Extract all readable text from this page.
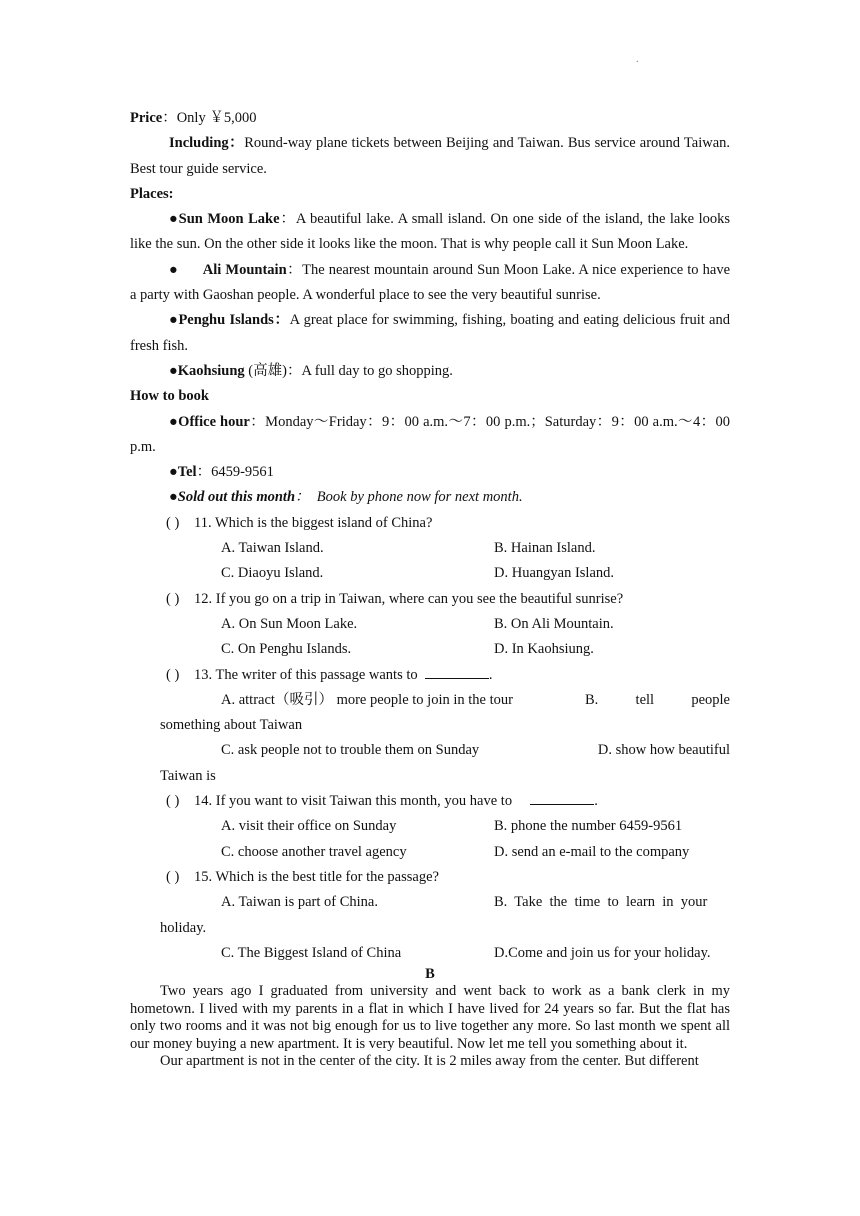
.

Price：Only ￥5,000

Including：Round-way plane tickets between Beijing and Taiwan. Bus service around Taiwan. Best tour guide service.

Places:

●Sun Moon Lake：A beautiful lake. A small island. On one side of the island, the lake looks like the sun. On the other side it looks like the moon. That is why people call it Sun Moon Lake.

● Ali Mountain：The nearest mountain around Sun Moon Lake. A nice experience to have a party with Gaoshan people. A wonderful place to see the very beautiful sunrise.

●Penghu Islands：A great place for swimming, fishing, boating and eating delicious fruit and fresh fish.

●Kaohsiung (高雄)：A full day to go shopping.

How to book

●Office hour：Monday～Friday：9：00 a.m.～7：00 p.m.；Saturday：9：00 a.m.～4：00 p.m.

●Tel：6459-9561

●Sold out this month： Book by phone now for next month.

( ) 11. Which is the biggest island of China?
A. Taiwan Island.	B. Hainan Island.
C. Diaoyu Island.	D. Huangyan Island.
( ) 12. If you go on a trip in Taiwan, where can you see the beautiful sunrise?
A. On Sun Moon Lake.	B. On Ali Mountain.
C. On Penghu Islands.	D. In Kaohsiung.
( ) 13. The writer of this passage wants to	.
A. attract（吸引） more people to join in the tour	B.	tell	people
something about Taiwan
C. ask people not to trouble them on Sunday	D. show how beautiful
Taiwan is
( ) 14. If you want to visit Taiwan this month, you have to	.
A. visit their office on Sunday	B. phone the number 6459-9561
C. choose another travel agency	D. send an e-mail to the company
( ) 15. Which is the best title for the passage?
A. Taiwan is part of China.	B.  Take  the  time  to  learn  in  your
holiday.
C. The Biggest Island of China	D.Come and join us for your holiday.
B

Two years ago I graduated from university and went back to work as a bank clerk in my hometown. I lived with my parents in a flat in which I have lived for 24 years so far. But the flat has only two rooms and it was not big enough for us to live together any more. So last month we spent all our money buying a new apartment. It is very beautiful. Now let me tell you something about it.

Our apartment is not in the center of the city. It is 2 miles away from the center. But different
